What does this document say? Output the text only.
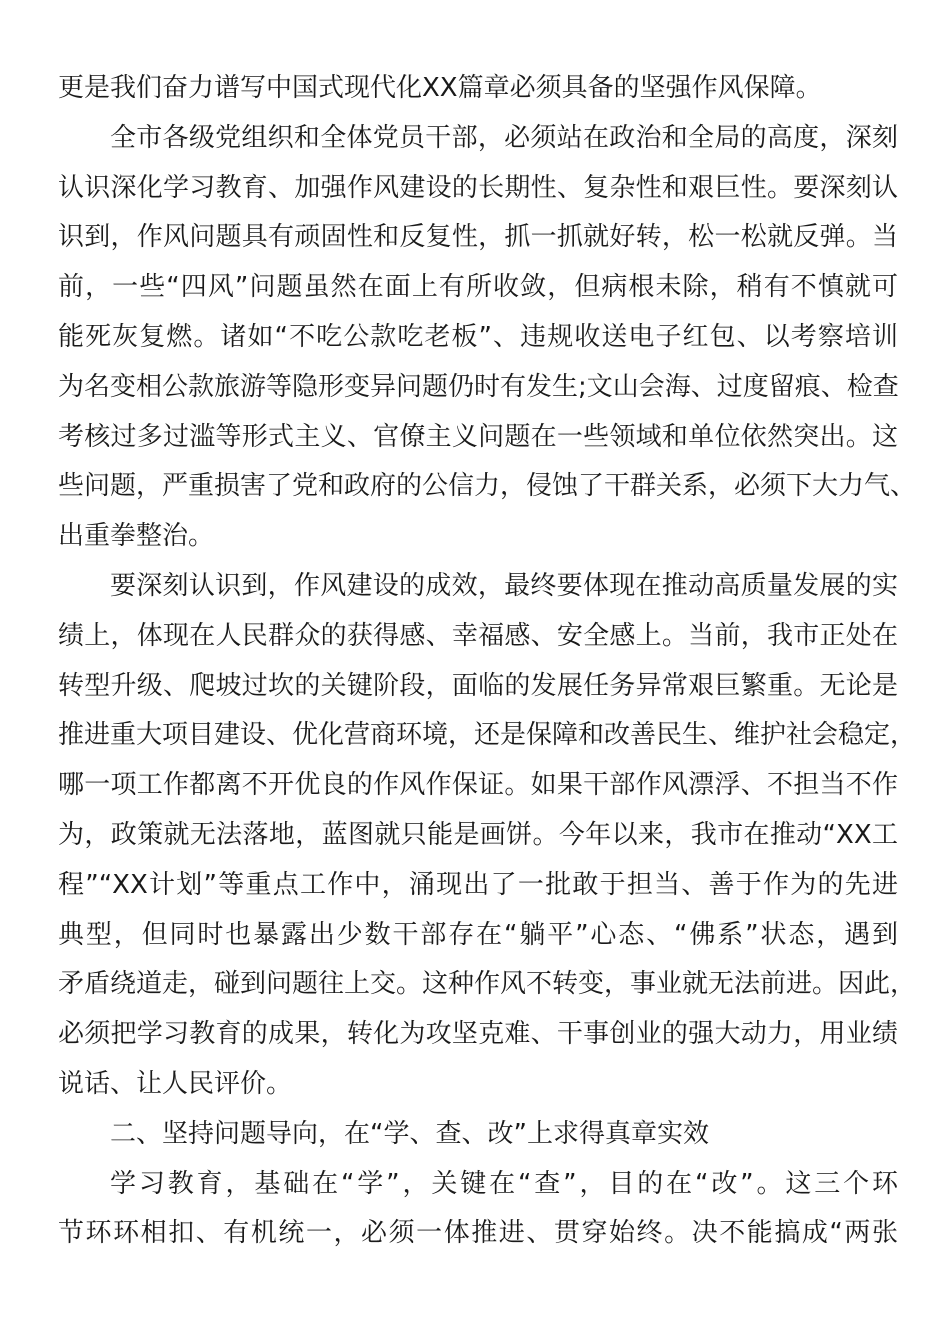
更是我们奋力谱写中国式现代化XX篇章必须具备的坚强作风保障。
全市各级党组织和全体党员干部，必须站在政治和全局的高度，深刻
认识深化学习教育、加强作风建设的长期性、复杂性和艰巨性。要深刻认
识到，作风问题具有顽固性和反复性，抓一抓就好转，松一松就反弹。当
前，一些“四风”问题虽然在面上有所收敛，但病根未除，稍有不慎就可
能死灰复燃。诸如“不吃公款吃老板”、违规收送电子红包、以考察培训
为名变相公款旅游等隐形变异问题仍时有发生;文山会海、过度留痕、检查
考核过多过滥等形式主义、官僚主义问题在一些领域和单位依然突出。这
些问题，严重损害了党和政府的公信力，侵蚀了干群关系，必须下大力气、
出重拳整治。
要深刻认识到，作风建设的成效，最终要体现在推动高质量发展的实
绩上，体现在人民群众的获得感、幸福感、安全感上。当前，我市正处在
转型升级、爬坡过坎的关键阶段，面临的发展任务异常艰巨繁重。无论是
推进重大项目建设、优化营商环境，还是保障和改善民生、维护社会稳定，
哪一项工作都离不开优良的作风作保证。如果干部作风漂浮、不担当不作
为，政策就无法落地，蓝图就只能是画饼。今年以来，我市在推动“XX工
程”“XX计划”等重点工作中，涌现出了一批敢于担当、善于作为的先进
典型，但同时也暴露出少数干部存在“躺平”心态、“佛系”状态，遇到
矛盾绕道走，碰到问题往上交。这种作风不转变，事业就无法前进。因此，
必须把学习教育的成果，转化为攻坚克难、干事创业的强大动力，用业绩
说话、让人民评价。
二、坚持问题导向，在“学、查、改”上求得真章实效
学习教育，基础在“学”，关键在“查”，目的在“改”。这三个环
节环环相扣、有机统一，必须一体推进、贯穿始终。决不能搞成“两张
